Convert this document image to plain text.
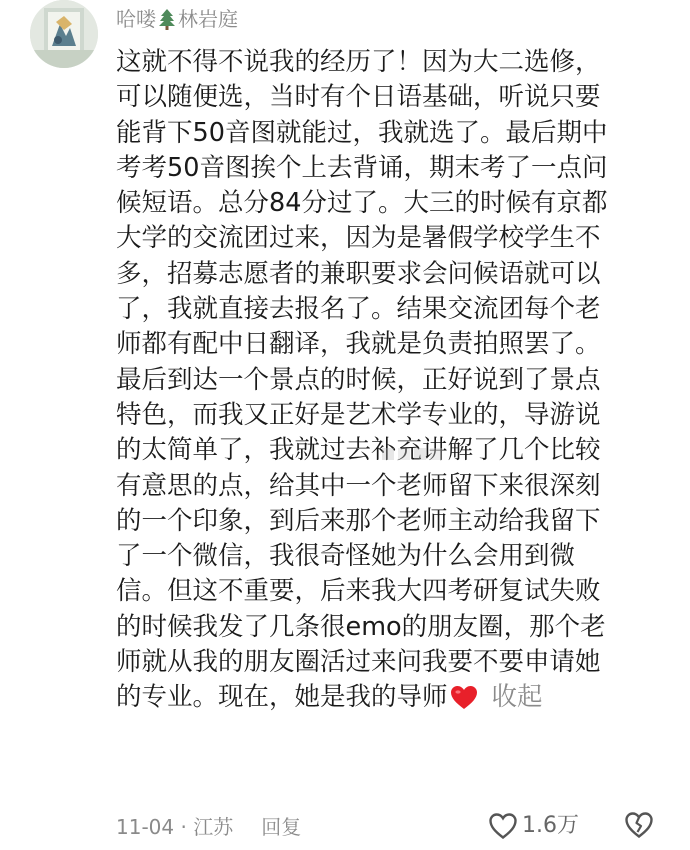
哈喽 林岩庭
这就不得不说我的经历了！因为大二选修，
可以随便选，当时有个日语基础，听说只要
能背下50音图就能过，我就选了。最后期中
考考50音图挨个上去背诵，期末考了一点问
候短语。总分84分过了。大三的时候有京都
大学的交流团过来，因为是暑假学校学生不
多，招募志愿者的兼职要求会问候语就可以
了，我就直接去报名了。结果交流团每个老
师都有配中日翻译，我就是负责拍照罢了。
最后到达一个景点的时候，正好说到了景点
特色，而我又正好是艺术学专业的，导游说
的太简单了，我就过去补充讲解了几个比较
有意思的点，给其中一个老师留下来很深刻
的一个印象，到后来那个老师主动给我留下
了一个微信，我很奇怪她为什么会用到微
信。但这不重要，后来我大四考研复试失败
的时候我发了几条很emo的朋友圈，那个老
师就从我的朋友圈活过来问我要不要申请她
的专业。现在，她是我的导师 收起
11-04 · 江苏 回复	1.6万
